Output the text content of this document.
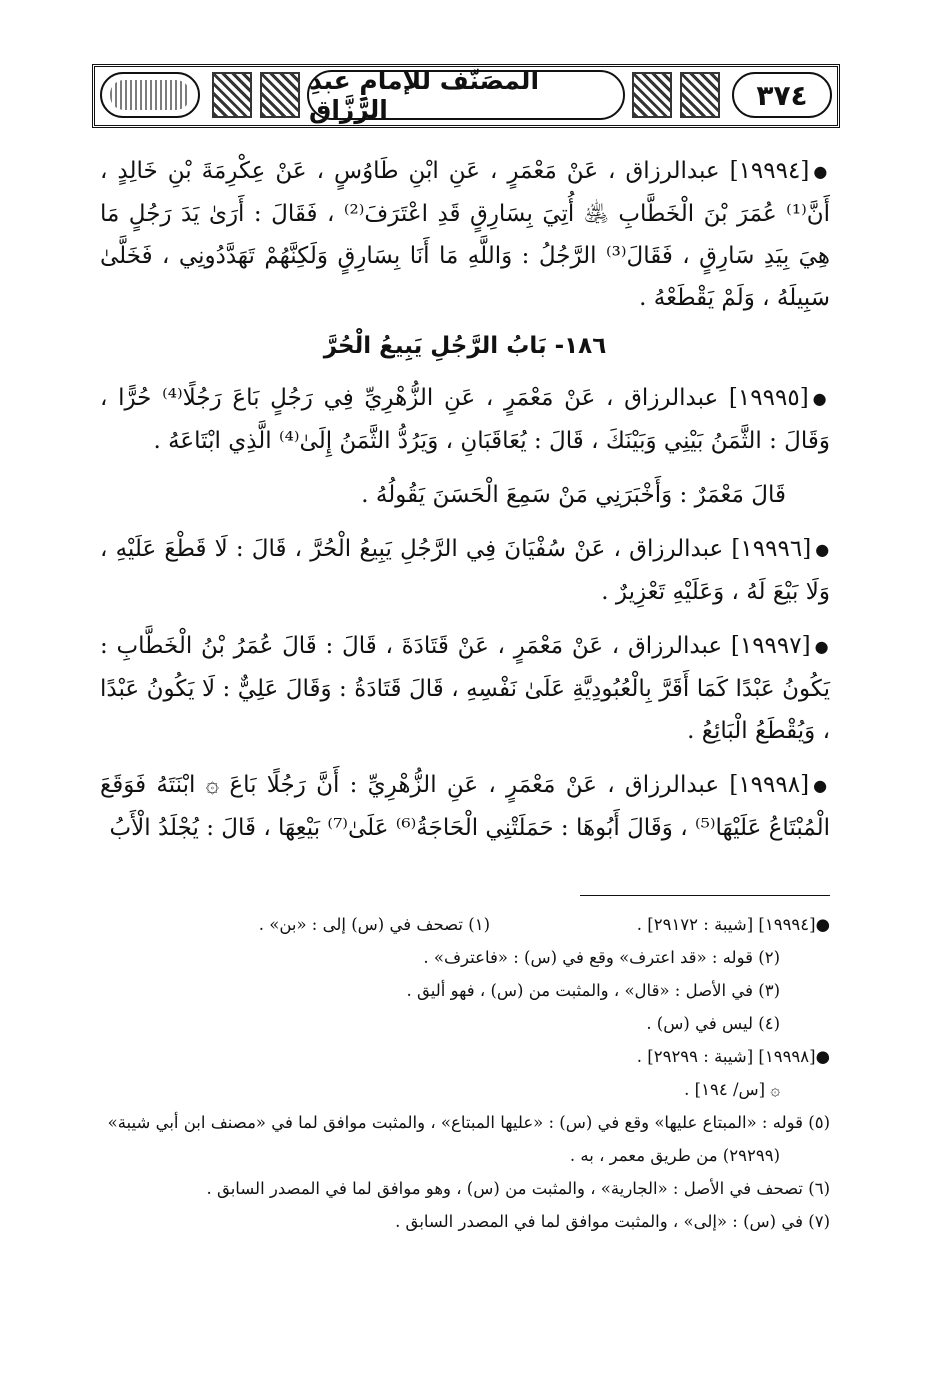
المصَنّف للإمامِ عبدِ الرَّزَّاق	٣٧٤

●[١٩٩٩٤] عبدالرزاق ، عَنْ مَعْمَرٍ ، عَنِ ابْنِ طَاوُسٍ ، عَنْ عِكْرِمَةَ بْنِ خَالِدٍ ، أَنَّ⁽¹⁾ عُمَرَ بْنَ الْخَطَّابِ ﵁ أُتِيَ بِسَارِقٍ قَدِ اعْتَرَفَ⁽²⁾ ، فَقَالَ : أَرَىٰ يَدَ رَجُلٍ مَا هِيَ بِيَدِ سَارِقٍ ، فَقَالَ⁽³⁾ الرَّجُلُ : وَاللَّهِ مَا أَنَا بِسَارِقٍ وَلَكِنَّهُمْ تَهَدَّدُونِي ، فَخَلَّىٰ سَبِيلَهُ ، وَلَمْ يَقْطَعْهُ .

١٨٦- بَابُ الرَّجُلِ يَبِيعُ الْحُرَّ

●[١٩٩٩٥] عبدالرزاق ، عَنْ مَعْمَرٍ ، عَنِ الزُّهْرِيِّ فِي رَجُلٍ بَاعَ رَجُلًا⁽⁴⁾ حُرًّا ، وَقَالَ : الثَّمَنُ بَيْنِي وَبَيْنَكَ ، قَالَ : يُعَاقَبَانِ ، وَيَرُدُّ الثَّمَنُ إِلَىٰ⁽⁴⁾ الَّذِي ابْتَاعَهُ .

قَالَ مَعْمَرٌ : وَأَخْبَرَنِي مَنْ سَمِعَ الْحَسَنَ يَقُولُهُ .

●[١٩٩٩٦] عبدالرزاق ، عَنْ سُفْيَانَ فِي الرَّجُلِ يَبِيعُ الْحُرَّ ، قَالَ : لَا قَطْعَ عَلَيْهِ ، وَلَا بَيْعَ لَهُ ، وَعَلَيْهِ تَعْزِيرٌ .

●[١٩٩٩٧] عبدالرزاق ، عَنْ مَعْمَرٍ ، عَنْ قَتَادَةَ ، قَالَ : قَالَ عُمَرُ بْنُ الْخَطَّابِ : يَكُونُ عَبْدًا كَمَا أَقَرَّ بِالْعُبُودِيَّةِ عَلَىٰ نَفْسِهِ ، قَالَ قَتَادَةُ : وَقَالَ عَلِيٌّ : لَا يَكُونُ عَبْدًا ، وَيُقْطَعُ الْبَائِعُ .

●[١٩٩٩٨] عبدالرزاق ، عَنْ مَعْمَرٍ ، عَنِ الزُّهْرِيِّ : أَنَّ رَجُلًا بَاعَ ۞ ابْنَتَهُ فَوَقَعَ الْمُبْتَاعُ عَلَيْهَا⁽⁵⁾ ، وَقَالَ أَبُوهَا : حَمَلَتْنِي الْحَاجَةُ⁽⁶⁾ عَلَىٰ⁽⁷⁾ بَيْعِهَا ، قَالَ : يُجْلَدُ الْأَبُ

●[١٩٩٩٤] [شيبة : ٢٩١٧٢] .
(١) تصحف في (س) إلى : «بن» .
(٢) قوله : «قد اعترف» وقع في (س) : «فاعترف» .
(٣) في الأصل : «قال» ، والمثبت من (س) ، فهو أليق .
(٤) ليس في (س) .
●[١٩٩٩٨] [شيبة : ٢٩٢٩٩] .
۞ [س/ ١٩٤] .
(٥) قوله : «المبتاع عليها» وقع في (س) : «عليها المبتاع» ، والمثبت موافق لما في «مصنف ابن أبي شيبة»
(٢٩٢٩٩) من طريق معمر ، به .
(٦) تصحف في الأصل : «الجارية» ، والمثبت من (س) ، وهو موافق لما في المصدر السابق .
(٧) في (س) : «إلى» ، والمثبت موافق لما في المصدر السابق .
